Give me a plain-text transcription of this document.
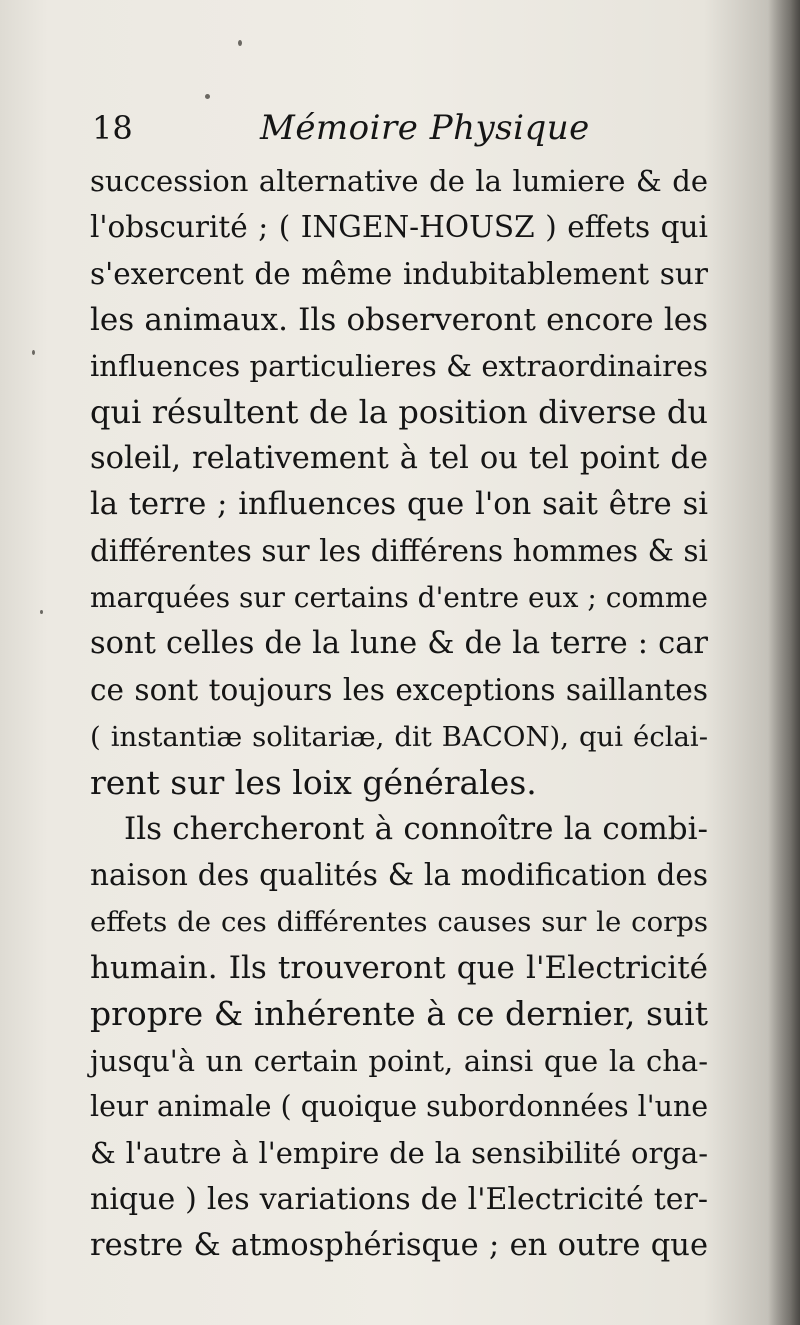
18	Mémoire Physique
succession alternative de la lumiere & de
l'obscurité ; ( INGEN-HOUSZ ) effets qui
s'exercent de même indubitablement sur
les animaux. Ils observeront encore les
influences particulieres & extraordinaires
qui résultent de la position diverse du
soleil, relativement à tel ou tel point de
la terre ; influences que l'on sait être si
différentes sur les différens hommes & si
marquées sur certains d'entre eux ; comme
sont celles de la lune & de la terre : car
ce sont toujours les exceptions saillantes
( instantiæ solitariæ, dit BACON), qui éclai-
rent sur les loix générales.
Ils chercheront à connoître la combi-
naison des qualités & la modification des
effets de ces différentes causes sur le corps
humain. Ils trouveront que l'Electricité
propre & inhérente à ce dernier, suit
jusqu'à un certain point, ainsi que la cha-
leur animale ( quoique subordonnées l'une
& l'autre à l'empire de la sensibilité orga-
nique ) les variations de l'Electricité ter-
restre & atmosphérisque ; en outre que
